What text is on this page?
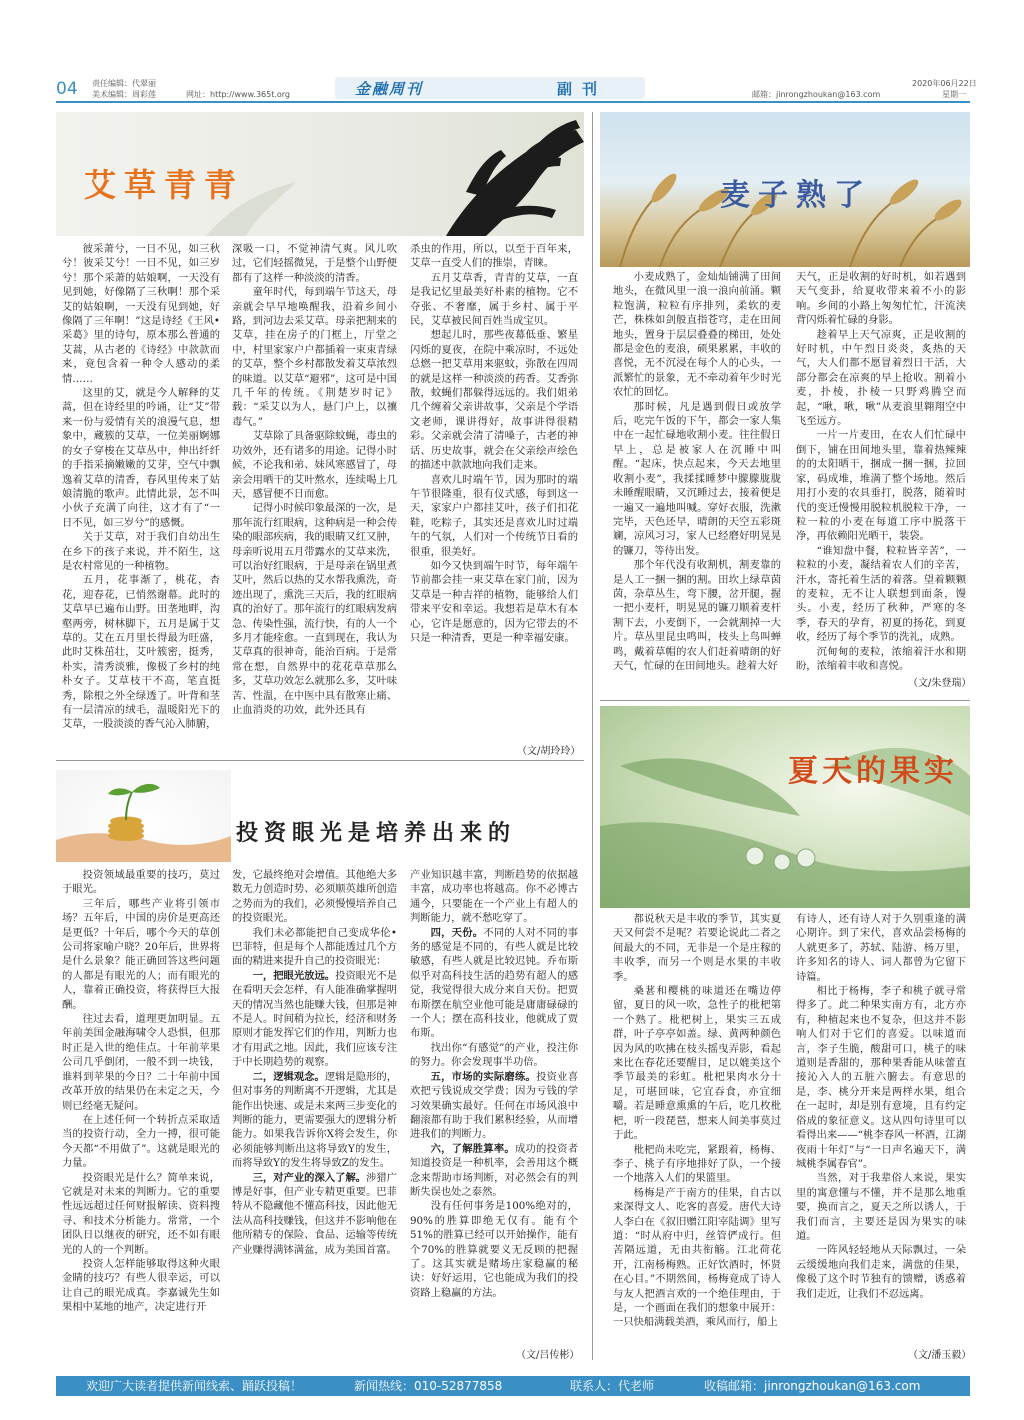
04 责任编辑：代翠丽
美术编辑：周彩莲	网址：http://www.365t.org	金融周刊	副刊	邮箱：jinrongzhoukan@163.com
2020年06月22日
星期一
艾草青青

彼采萧兮，一日不见，如三秋兮！彼采艾兮！一日不见，如三岁兮！那个采萧的姑娘啊，一天没有见到她，好像隔了三秋啊！那个采艾的姑娘啊，一天没有见到她，好像隔了三年啊！”这是诗经《王风•采葛》里的诗句，原本那么普通的艾蒿，从古老的《诗经》中款款而来，竟包含着一种令人感动的柔情……

这里的艾，就是今人解释的艾蒿，但在诗经里的吟诵，让“艾”带来一份与爱情有关的浪漫气息，想象中，蔵簇的艾草，一位美丽婀娜的女子穿梭在艾草丛中，伸出纤纤的手指采摘嫩嫩的艾芽，空气中飘逸着艾草的清香，春风里传来了姑娘清脆的歌声。此情此景，怎不叫小伙子充满了向往，这才有了“一日不见，如三岁兮”的感慨。

关于艾草，对于我们自幼出生在乡下的孩子来说，并不陌生，这是农村常见的一种植物。

五月，花事渐了，桃花，杏花，迎春花，已悄然谢幕。此时的艾草早已遍布山野。田垄地畔，沟壑两旁，树林脚下，五月是属于艾草的。艾在五月里长得最为旺盛，此时艾株茁壮，艾叶簇密，挺秀，朴实，清秀淡雅，像极了乡村的纯朴女子。艾草枝干不高，笔直挺秀，除根之外全绿透了。叶背和茎有一层清凉的绒毛，温暖阳光下的艾草，一股淡淡的香气沁入肺腑，

深吸一口，不觉神清气爽。风儿吹过，它们轻摇微晃，于是整个山野便都有了这样一种淡淡的清香。

童年时代，每到端午节这天，母亲就会早早地唤醒我，沿着乡间小路，到河边去采艾草。母亲把割来的艾草，挂在房子的门框上，厅堂之中，村里家家户户都插着一束束青绿的艾草，整个乡村都散发着艾草浓烈的味道。以艾草“避邪”，这可是中国几千年的传统。《荆楚岁时记》载：“采艾以为人，悬门户上，以禳毒气。”

艾草除了具备驱除蚊蝇，毒虫的功效外，还有诸多的用途。记得小时候，不论我和弟、妹风寒感冒了，母亲会用晒干的艾叶熬水，连续喝上几天，感冒便不日而愈。

记得小时候印象最深的一次，是那年流行红眼病，这种病是一种会传染的眼部疾病，我的眼睛又红又肿，母亲听说用五月带露水的艾草来洗，可以治好红眼病，于是母亲在锅里煮艾叶，然后以热的艾水帮我熏洗，奇迹出现了，熏洗三天后，我的红眼病真的治好了。那年流行的红眼病发病急、传染性强，流行快，有的人一个多月才能痊愈。一直到现在，我认为艾草真的很神奇，能治百病。于是常常在想，自然界中的花花草草那么多，艾草功效怎么就那么多，艾叶味苦、性温，在中医中具有散寒止痛、止血消炎的功效，此外还具有

杀虫的作用，所以，以至于百年来，艾草一直受人们的推崇，青睐。

五月艾草香，青青的艾草，一直是我记忆里最美好朴素的植物。它不夺张、不奢靡，属于乡村、属于平民，艾草被民间百姓当成宝贝。

想起儿时，那些夜幕低垂、繁星闪烁的夏夜，在院中乘凉时，不远处总燃一把艾草用来驱蚊，弥散在四周的就是这样一种淡淡的药香。艾香弥散，蚊蝇们都躲得远远的。我们姐弟几个缠着父亲讲故事，父亲是个学语文老师，课讲得好，故事讲得很精彩。父亲就会清了清嗓子，古老的神话、历史故事，就会在父亲绘声绘色的描述中款款地向我们走来。

喜欢儿时端午节，因为那时的端午节很隆重，很有仪式感，每到这一天，家家户户都挂艾叶，孩子们扣花鞋，吃粽子，其实还是喜欢儿时过端午的气氛，人们对一个传统节日看的很重，很美好。

如今又快到端午时节，每年端午节前都会挂一束艾草在家门前，因为艾草是一种吉祥的植物，能够给人们带来平安和幸运。我想若是草木有本心，它许是愿意的，因为它带去的不只是一种清香，更是一种幸福安康。

（文/胡玲玲）
麦子熟了

小麦成熟了，金灿灿铺满了田间地头，在微风里一浪一浪向前涌。颗粒饱满，粒粒有序排列，柔软的麦芒，株株如剑般直指苍穹，走在田间地头，置身于层层叠叠的梯田，处处都是金色的麦浪，硕果累累，丰收的喜悦，无不沉浸在每个人的心头，一派繁忙的景象，无不牵动着年少时光农忙的回忆。

那时候，凡是遇到假日或放学后，吃完午饭的下午，都会一家人集中在一起忙碌地收割小麦。往往假日早上，总是被家人在沉睡中叫醒。“起床，快点起来，今天去地里收割小麦”，我揉揉睡梦中朦朦胧胧未睡醒眼睛，又沉睡过去，接着便是一遍又一遍地叫喊。穿好衣服，洗漱完毕，天色还早，晴朗的天空五彩斑斓，凉风习习，家人已经磨好明晃晃的镰刀，等待出发。

那个年代没有收割机，割麦靠的是人工一捆一捆的割。田坎上绿草茵茵，杂草丛生，弯下腰，岔开腿，握一把小麦杆，明晃晃的镰刀顺着麦杆割下去，小麦倒下，一会就割掉一大片。草丛里昆虫鸣叫，枝头上鸟叫蝉鸣，戴着草帽的农人们赶着晴朗的好天气，忙碌的在田间地头。趁着大好

天气，正是收割的好时机，如若遇到天气变卦，给夏收带来着不小的影响。乡间的小路上匆匆忙忙，汗流浃背闪烁着忙碌的身影。

趁着早上天气凉爽，正是收割的好时机，中午烈日炎炎，炙热的天气，大人们都不愿冒着烈日干活，大部分都会在凉爽的早上抢收。割着小麦，扑棱，扑棱一只野鸡腾空而起，“啾，啾，啾”从麦浪里翱翔空中飞至远方。

一片一片麦田，在农人们忙碌中倒下，铺在田间地头里，靠着热辣辣的的太阳晒干，捆成一捆一捆，拉回家，码成堆，堆满了整个场地。然后用打小麦的农具垂打，脱落，随着时代的变迁慢慢用脱粒机脱粒干净，一粒一粒的小麦在每道工序中脱落干净，再依赖阳光晒干，装袋。

“谁知盘中餐，粒粒皆辛苦”，一粒粒的小麦，凝结着农人们的辛苦，汗水，寄托着生活的着落。望着颗颗的麦粒，无不让人联想到面条，馒头。小麦，经历了秋种，严寒的冬季，春天的孕育，初夏的扬花，到夏收，经历了每个季节的洗礼，成熟。

沉甸甸的麦粒，浓缩着汗水和期盼，浓缩着丰收和喜悦。

（文/朱登瑞）
投资眼光是培养出来的

投资领域最重要的技巧，莫过于眼光。

三年后，哪些产业将引领市场？五年后，中国的房价是更高还是更低？十年后，哪个今天的草创公司将家喻户晓？20年后，世界将是什么景象？能正确回答这些问题的人都是有眼光的人；而有眼光的人，靠着正确投资，将获得巨大报酬。

往过去看，道理更加明显。五年前美国金融海啸令人恐惧，但那时正是入世的绝佳点。十年前苹果公司几乎倒闭，一般不到一块钱，谁料到苹果的今日？二十年前中国改革开放的结果仍在未定之天，今则已经毫无疑问。

在上述任何一个转折点采取适当的投资行动，全力一搏，很可能今天都“不用做了”。这就是眼光的力量。

投资眼光是什么？简单来说，它就是对未来的判断力。它的重要性远远超过任何财报解读、资料搜寻、和技术分析能力。常常，一个团队日以继夜的研究，还不如有眼光的人的一个判断。

投资人怎样能够取得这种火眼金睛的技巧？有些人很幸运，可以让自己的眼光成真。李嘉诚先生如果相中某地的地产，决定进行开

发，它最终绝对会增值。其他绝大多数无力创造时势、必须顺英雄所创造之势而为的我们，必须慢慢培养自己的投资眼光。

我们未必都能把自己变成华伦•巴菲特，但是每个人都能透过几个方面的精进来提升自己的投资眼光：

一，把眼光放远。投资眼光不是在看明天会怎样，有人能准确掌握明天的情况当然也能赚大钱，但那是神不是人。时间稍为拉长，经济和财务原则才能发挥它们的作用，判断力也才有用武之地。因此，我们应该专注于中长期趋势的观察。

二，逻辑观念。逻辑是隐形的，但对事务的判断离不开逻辑，尤其是能作出快速、或是未来两三步变化的判断的能力，更需要强大的逻辑分析能力。如果我告诉你X将会发生，你必须能够判断出这将导致Y的发生，而将导致Y的发生将导致Z的发生。

三，对产业的深入了解。涉猎广博是好事，但产业专精更重要。巴菲特从不隐藏他不懂高科技，因此他无法从高科技赚钱，但这并不影响他在他所精专的保险、食品、运输等传统产业赚得满钵满盆，成为美国首富。

产业知识越丰富，判断趋势的依据越丰富，成功率也将越高。你不必博古通今，只要能在一个产业上有超人的判断能力，就不愁吃穿了。

四，天份。不同的人对不同的事务的感觉是不同的，有些人就是比较敏感，有些人就是比较迟钝。乔布斯似乎对高科技生活的趋势有超人的感觉，我觉得很大成分来自天份。把贾布斯摆在航空业他可能是庸庸碌碌的一个人；摆在高科技业，他就成了贾布斯。

找出你“有感觉”的产业，投注你的努力。你会发现事半功倍。

五，市场的实际磨练。投资业喜欢把亏钱说成交学费；因为亏钱的学习效果确实最好。任何在市场风浪中翻滚都有助于我们累积经验，从而增进我们的判断力。

六，了解胜算率。成功的投资者知道投资是一种机率，会善用这个概念来帮助市场判断，对必然会有的判断失误也处之泰然。

没有任何事务是100%绝对的，90%的胜算即绝无仅有。能有个51%的胜算已经可以开始操作，能有个70%的胜算就要义无反顾的把握了。这其实就是赌场庄家稳赢的秘诀：好好运用，它也能成为我们的投资路上稳赢的方法。

（文/吕传彬）
夏天的果实

都说秋天是丰收的季节，其实夏天又何尝不是呢？若要论说此二者之间最大的不同，无非是一个是庄稼的丰收季，而另一个则是水果的丰收季。

桑葚和樱桃的味道还在嘴边停留，夏日的风一吹，急性子的枇杷第一个熟了。枇杷树上，果实三五成群，叶子亭亭如盖。绿、黄两种颜色因为风的吹拂在枝头摇曳弄影，看起来比在春花还要醒目，足以媲美这个季节最美的彩虹。枇杷果肉水分十足，可堪回味，它宜吞食，亦宜细嚼。若是睡意熏熏的午后，吃几枚枇杷，听一段琵琶，想来人间美事莫过于此。

枇杷尚未吃完，紧跟着，杨梅、李子、桃子有序地排好了队，一个接一个地落入人们的果篮里。

杨梅是产于南方的佳果，自古以来深得文人、吃客的喜爱。唐代大诗人李白在《叙旧赠江阳宰陆调》里写道：“时从府中归，丝管俨成行。但苦隔远道，无由共衔觞。江北荷花开，江南杨梅熟。正好饮酒时，怀贤在心目。”不期然间，杨梅竟成了诗人与友人把酒言欢的一个绝佳理由，于是，一个画面在我们的想象中展开：一只快船满载美酒，乘风而行，船上

有诗人，还有诗人对于久别重逢的满心期许。到了宋代，喜欢品尝杨梅的人就更多了，苏轼、陆游、杨万里，许多知名的诗人、词人都曾为它留下诗篇。

相比于杨梅，李子和桃子就寻常得多了。此二种果实南方有，北方亦有，种植起来也不复杂，但这并不影响人们对于它们的喜爱。以味道而言，李子生脆，酸甜可口，桃子的味道则是香甜的，那种果香能从味蕾直接沁入人的五脏六腑去。有意思的是，李、桃分开来是两样水果，组合在一起时，却是别有意境，且有约定俗成的象征意义。这从四句诗里可以看得出来——“桃李春风一杯酒，江湖夜雨十年灯”与“一日声名遍天下，满城桃李属春官”。

当然，对于我辈俗人来说，果实里的寓意懂与不懂，并不是那么地重要，换而言之，夏天之所以诱人，于我们而言，主要还是因为果实的味道。

一阵风轻轻地从天际飘过，一朵云缓缓地向我们走来，满盘的佳果，像极了这个时节独有的馈赠，诱惑着我们走近，让我们不忍远离。

（文/潘玉毅）
欢迎广大读者提供新闻线索、踊跃投稿！	新闻热线：010-52877858	联系人：代老师	收稿邮箱：jinrongzhoukan@163.com
